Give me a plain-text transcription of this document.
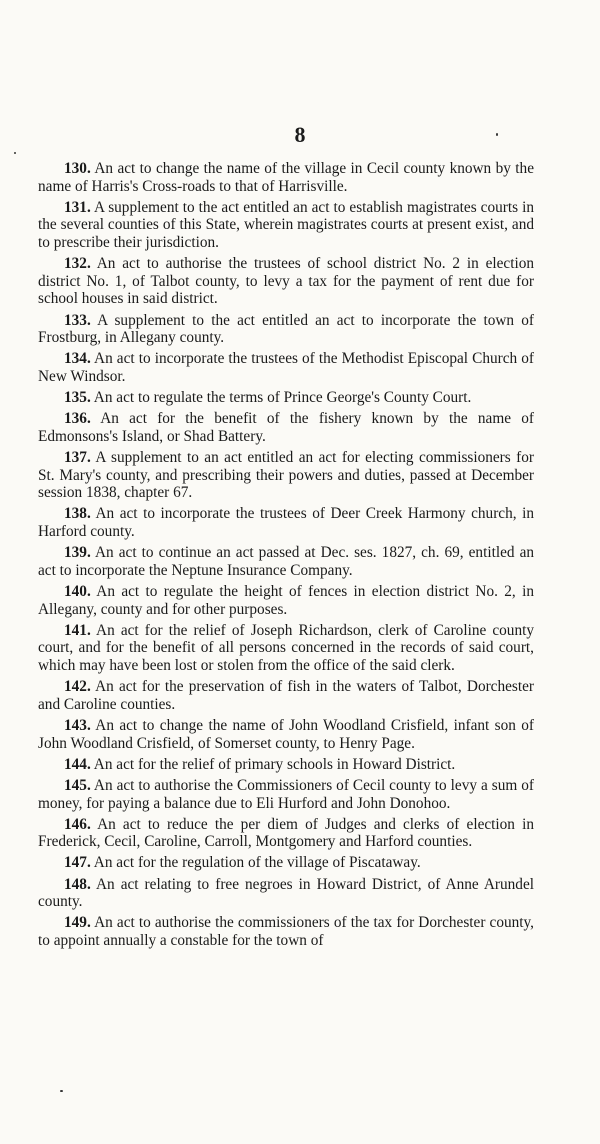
8

130. An act to change the name of the village in Cecil county known by the name of Harris's Cross-roads to that of Harrisville.

131. A supplement to the act entitled an act to establish magistrates courts in the several counties of this State, wherein magistrates courts at present exist, and to prescribe their jurisdiction.

132. An act to authorise the trustees of school district No. 2 in election district No. 1, of Talbot county, to levy a tax for the payment of rent due for school houses in said district.

133. A supplement to the act entitled an act to incorporate the town of Frostburg, in Allegany county.

134. An act to incorporate the trustees of the Methodist Episcopal Church of New Windsor.

135. An act to regulate the terms of Prince George's County Court.

136. An act for the benefit of the fishery known by the name of Edmonsons's Island, or Shad Battery.

137. A supplement to an act entitled an act for electing commissioners for St. Mary's county, and prescribing their powers and duties, passed at December session 1838, chapter 67.

138. An act to incorporate the trustees of Deer Creek Harmony church, in Harford county.

139. An act to continue an act passed at Dec. ses. 1827, ch. 69, entitled an act to incorporate the Neptune Insurance Company.

140. An act to regulate the height of fences in election district No. 2, in Allegany, county and for other purposes.

141. An act for the relief of Joseph Richardson, clerk of Caroline county court, and for the benefit of all persons concerned in the records of said court, which may have been lost or stolen from the office of the said clerk.

142. An act for the preservation of fish in the waters of Talbot, Dorchester and Caroline counties.

143. An act to change the name of John Woodland Crisfield, infant son of John Woodland Crisfield, of Somerset county, to Henry Page.

144. An act for the relief of primary schools in Howard District.

145. An act to authorise the Commissioners of Cecil county to levy a sum of money, for paying a balance due to Eli Hurford and John Donohoo.

146. An act to reduce the per diem of Judges and clerks of election in Frederick, Cecil, Caroline, Carroll, Montgomery and Harford counties.

147. An act for the regulation of the village of Piscataway.

148. An act relating to free negroes in Howard District, of Anne Arundel county.

149. An act to authorise the commissioners of the tax for Dorchester county, to appoint annually a constable for the town of
